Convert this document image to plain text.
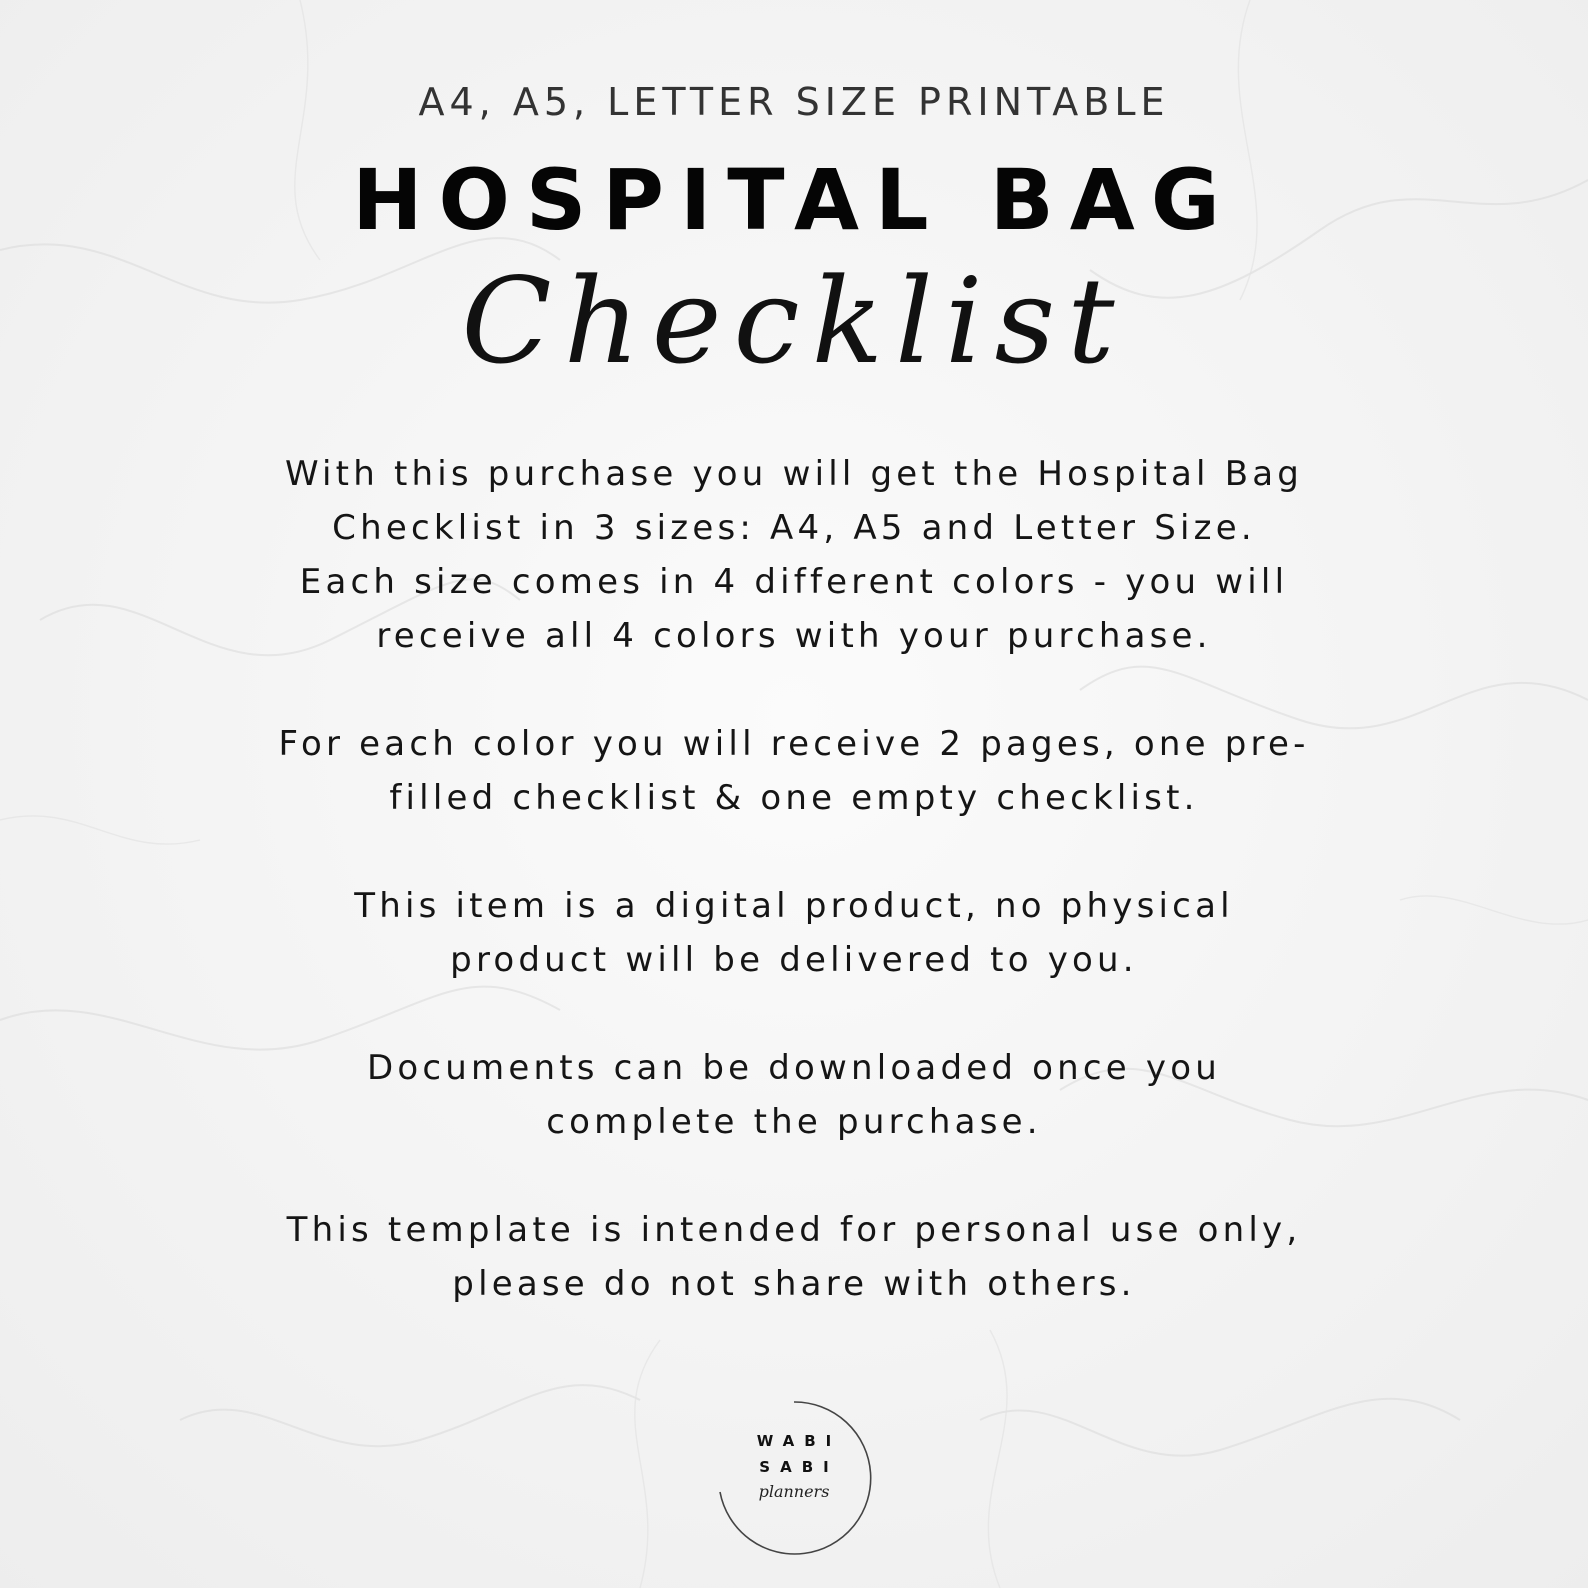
A4, A5, LETTER SIZE PRINTABLE
HOSPITAL BAG
Checklist

With this purchase you will get the Hospital Bag
Checklist in 3 sizes: A4, A5 and Letter Size.
Each size comes in 4 different colors - you will
receive all 4 colors with your purchase.

For each color you will receive 2 pages, one pre-
filled checklist & one empty checklist.

This item is a digital product, no physical
product will be delivered to you.

Documents can be downloaded once you
complete the purchase.

This template is intended for personal use only,
please do not share with others.

WABI
SABI
planners
